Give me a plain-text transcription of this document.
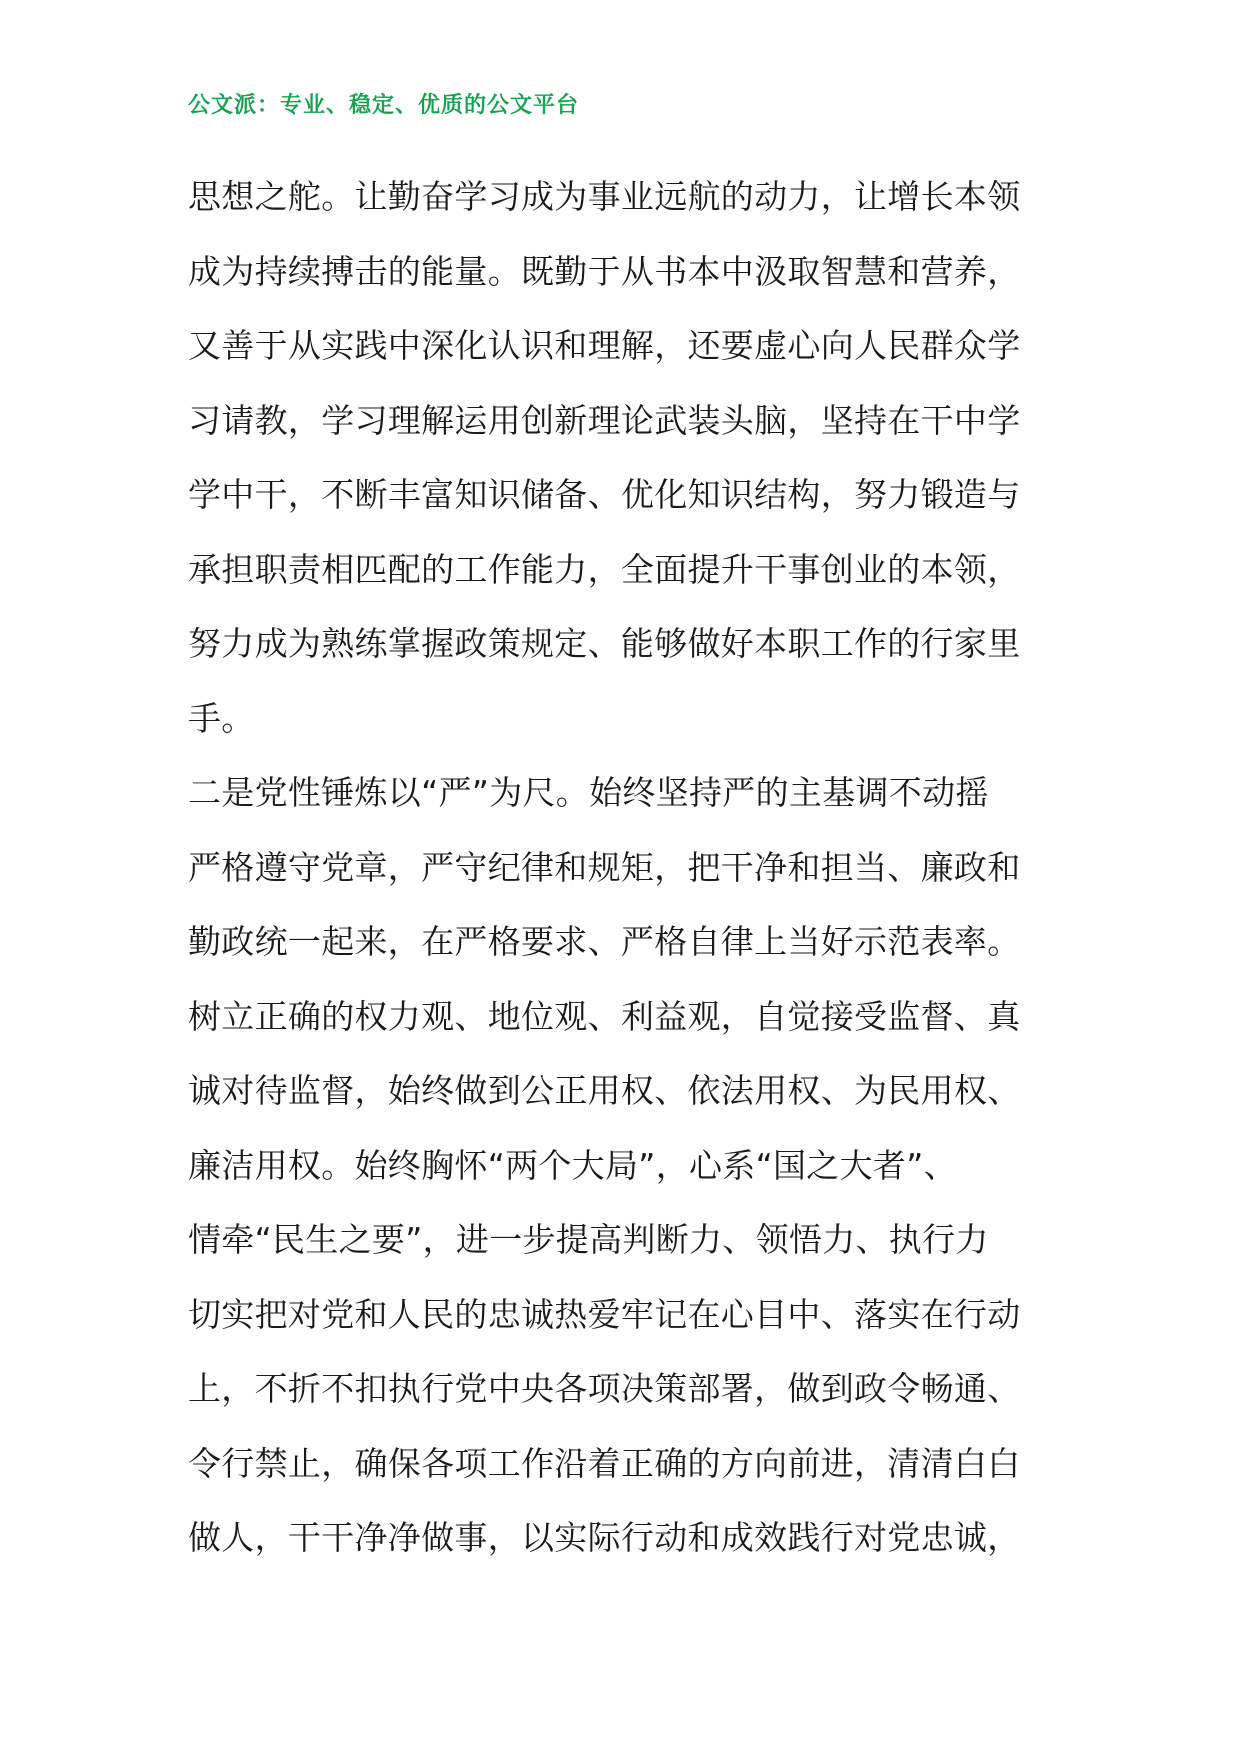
公文派：专业、稳定、优质的公文平台
思想之舵。让勤奋学习成为事业远航的动力，让增长本领
成为持续搏击的能量。既勤于从书本中汲取智慧和营养，
又善于从实践中深化认识和理解，还要虚心向人民群众学
习请教，学习理解运用创新理论武装头脑，坚持在干中学
学中干，不断丰富知识储备、优化知识结构，努力锻造与
承担职责相匹配的工作能力，全面提升干事创业的本领，
努力成为熟练掌握政策规定、能够做好本职工作的行家里
手。
二是党性锤炼以“严”为尺。始终坚持严的主基调不动摇
严格遵守党章，严守纪律和规矩，把干净和担当、廉政和
勤政统一起来，在严格要求、严格自律上当好示范表率。
树立正确的权力观、地位观、利益观，自觉接受监督、真
诚对待监督，始终做到公正用权、依法用权、为民用权、
廉洁用权。始终胸怀“两个大局”，心系“国之大者”、
情牵“民生之要”，进一步提高判断力、领悟力、执行力
切实把对党和人民的忠诚热爱牢记在心目中、落实在行动
上，不折不扣执行党中央各项决策部署，做到政令畅通、
令行禁止，确保各项工作沿着正确的方向前进，清清白白
做人，干干净净做事，以实际行动和成效践行对党忠诚，
